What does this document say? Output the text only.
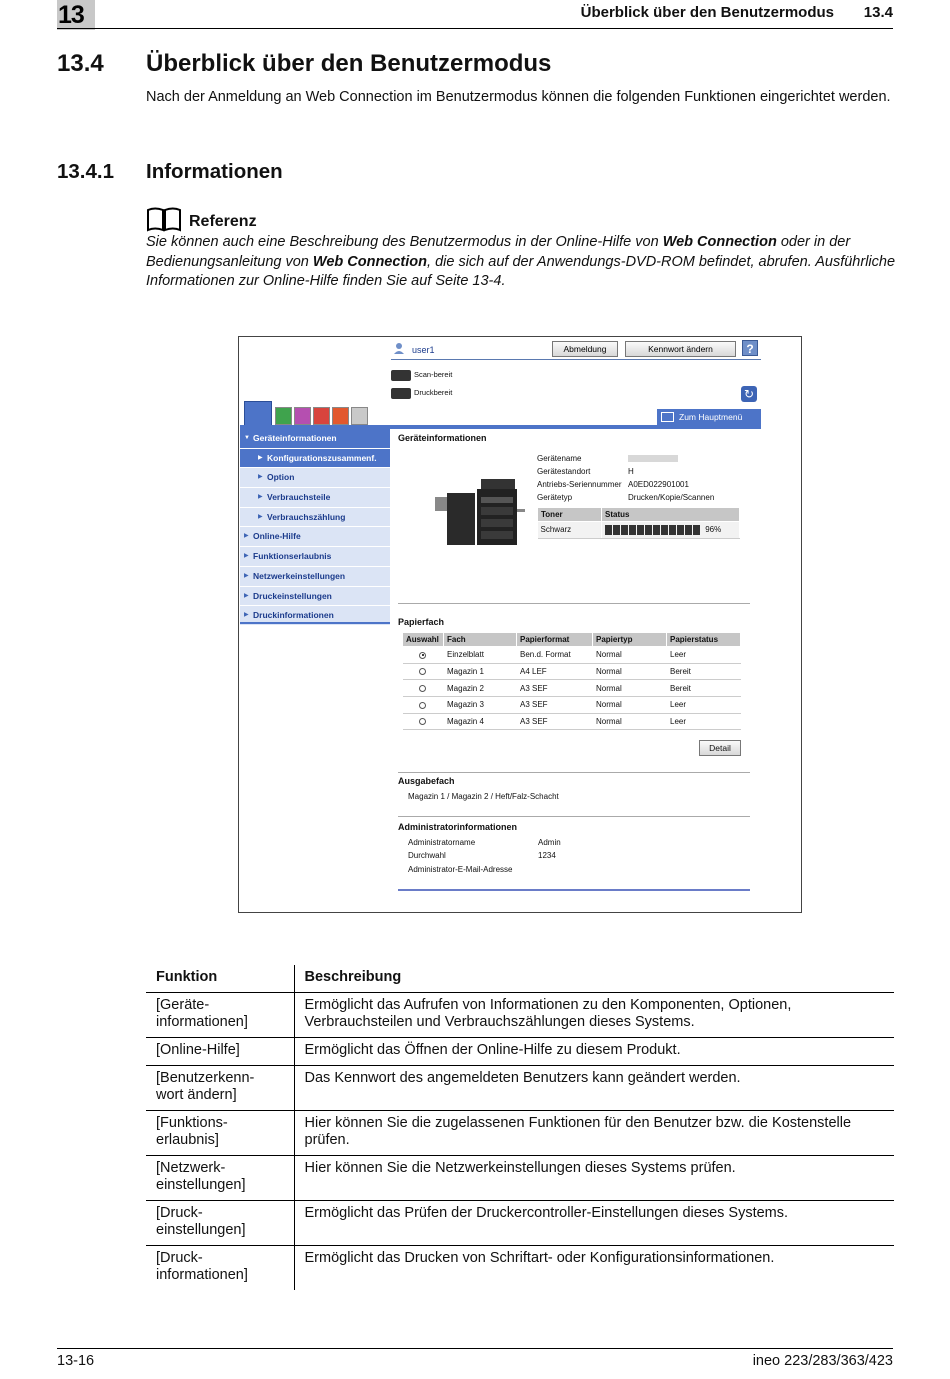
13	Überblick über den Benutzermodus 13.4
13.4 Überblick über den Benutzermodus

Nach der Anmeldung an Web Connection im Benutzermodus können die folgenden Funktionen eingerichtet werden.

13.4.1 Informationen
Referenz

Sie können auch eine Beschreibung des Benutzermodus in der Online-Hilfe von Web Connection oder in der Bedienungsanleitung von Web Connection, die sich auf der Anwendungs-DVD-ROM befindet, abrufen. Ausführliche Informationen zur Online-Hilfe finden Sie auf Seite 13-4.

user1	Abmeldung	Kennwort ändern	?
Scan-bereit
Druckbereit	↻
Zum Hauptmenü
▼ Geräteinformationen
▶ Konfigurationszusammenf.
▶ Option
▶ Verbrauchsteile
▶ Verbrauchszählung
▶ Online-Hilfe
▶ Funktionserlaubnis
▶ Netzwerkeinstellungen
▶ Druckeinstellungen
▶ Druckinformationen
Geräteinformationen
Gerätename
Gerätestandort	H
Antriebs-Seriennummer A0ED022901001
Gerätetyp	Drucken/Kopie/Scannen
Toner	Status
Schwarz	96%
Papierfach
Auswahl	Fach	Papierformat	Papiertyp	Papierstatus
	Einzelblatt	Ben.d. Format	Normal	Leer
	Magazin 1	A4 LEF	Normal	Bereit
	Magazin 2	A3 SEF	Normal	Bereit
	Magazin 3	A3 SEF	Normal	Leer
	Magazin 4	A3 SEF	Normal	Leer
Detail
Ausgabefach
Magazin 1 / Magazin 2 / Heft/Falz-Schacht
Administratorinformationen
Administratorname	Admin
Durchwahl	1234
Administrator-E-Mail-Adresse
Funktion	Beschreibung
[Geräte-
informationen]	Ermöglicht das Aufrufen von Informationen zu den Komponenten, Optionen, Verbrauchsteilen und Verbrauchszählungen dieses Systems.
[Online-Hilfe]	Ermöglicht das Öffnen der Online-Hilfe zu diesem Produkt.
[Benutzerkenn-
wort ändern]	Das Kennwort des angemeldeten Benutzers kann geändert werden.
[Funktions-
erlaubnis]	Hier können Sie die zugelassenen Funktionen für den Benutzer bzw. die Kostenstelle prüfen.
[Netzwerk-
einstellungen]	Hier können Sie die Netzwerkeinstellungen dieses Systems prüfen.
[Druck-
einstellungen]	Ermöglicht das Prüfen der Druckercontroller-Einstellungen dieses Systems.
[Druck-
informationen]	Ermöglicht das Drucken von Schriftart- oder Konfigurationsinformationen.
13-16	ineo 223/283/363/423
